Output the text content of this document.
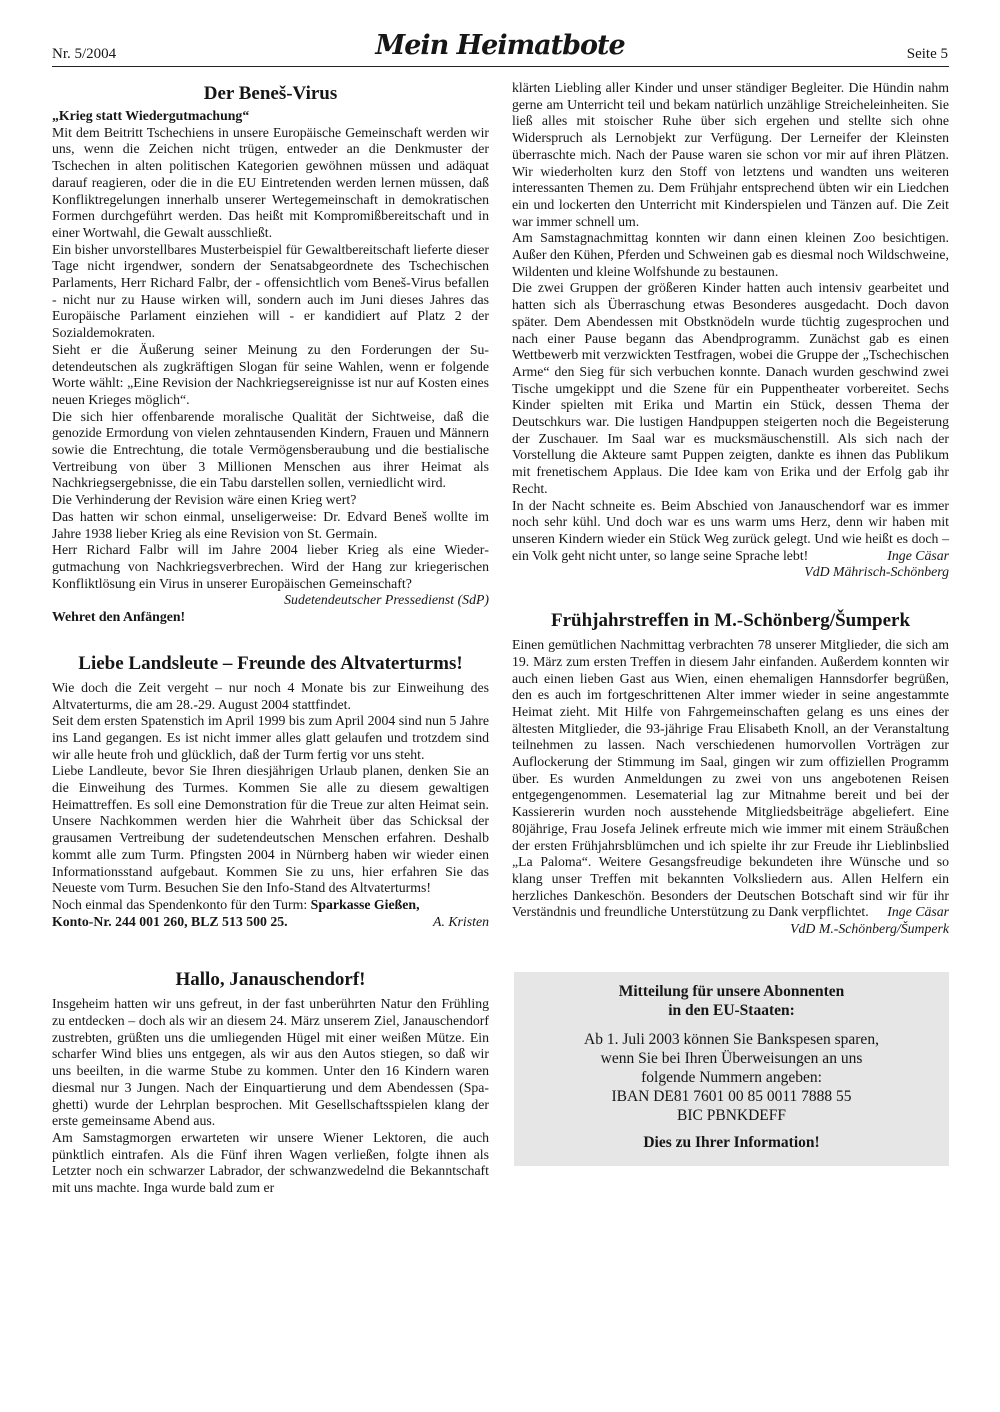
Nr. 5/2004	Mein Heimatbote	Seite 5
Der Beneš-Virus

„Krieg statt Wiedergutmachung“

Mit dem Beitritt Tschechiens in unsere Europäische Gemeinschaft werden wir uns, wenn die Zeichen nicht trügen, entweder an die Denkmuster der Tschechen in alten politischen Kategorien gewöhnen müssen und adäquat darauf reagieren, oder die in die EU Eintretenden werden lernen müssen, daß Konfliktregelungen innerhalb unserer Wertegemeinschaft in demokratischen Formen durchgeführt werden. Das heißt mit Kompromißbereitschaft und in einer Wortwahl, die Gewalt ausschließt.

Ein bisher unvorstellbares Musterbeispiel für Gewaltbereitschaft lieferte dieser Tage nicht irgendwer, sondern der Senatsabgeordnete des Tschechischen Parlaments, Herr Richard Falbr, der - offensichtlich vom Beneš-Virus befallen - nicht nur zu Hause wirken will, sondern auch im Juni dieses Jahres das Europäische Parlament einziehen will - er kandidiert auf Platz 2 der Sozialdemokraten.

Sieht er die Äußerung seiner Meinung zu den Forderungen der Sudetendeutschen als zugkräftigen Slogan für seine Wahlen, wenn er folgende Worte wählt: „Eine Revision der Nachkriegsereignisse ist nur auf Kosten eines neuen Krieges möglich“.

Die sich hier offenbarende moralische Qualität der Sichtweise, daß die genozide Ermordung von vielen zehntausenden Kindern, Frauen und Männern sowie die Entrechtung, die totale Vermögensberaubung und die bestialische Vertreibung von über 3 Millionen Menschen aus ihrer Heimat als Nachkriegsergebnisse, die ein Tabu darstellen sollen, verniedlicht wird.

Die Verhinderung der Revision wäre einen Krieg wert?

Das hatten wir schon einmal, unseligerweise: Dr. Edvard Beneš wollte im Jahre 1938 lieber Krieg als eine Revision von St. Germain.

Herr Richard Falbr will im Jahre 2004 lieber Krieg als eine Wiedergutmachung von Nachkriegsverbrechen. Wird der Hang zur kriegerischen Konfliktlösung ein Virus in unserer Europäischen Gemeinschaft?
Sudetendeutscher Pressedienst (SdP)

Wehret den Anfängen!

Liebe Landsleute – Freunde des Altvaterturms!

Wie doch die Zeit vergeht – nur noch 4 Monate bis zur Einweihung des Altvaterturms, die am 28.-29. August 2004 stattfindet.

Seit dem ersten Spatenstich im April 1999 bis zum April 2004 sind nun 5 Jahre ins Land gegangen. Es ist nicht immer alles glatt gelaufen und trotzdem sind wir alle heute froh und glücklich, daß der Turm fertig vor uns steht.

Liebe Landleute, bevor Sie Ihren diesjährigen Urlaub planen, denken Sie an die Einweihung des Turmes. Kommen Sie alle zu diesem gewaltigen Heimattreffen. Es soll eine Demonstration für die Treue zur alten Heimat sein. Unsere Nachkommen werden hier die Wahrheit über das Schicksal der grausamen Vertreibung der sudetendeutschen Menschen erfahren. Deshalb kommt alle zum Turm. Pfingsten 2004 in Nürnberg haben wir wieder einen Informationsstand aufgebaut. Kommen Sie zu uns, hier erfahren Sie das Neueste vom Turm. Besuchen Sie den Info-Stand des Altvaterturms!

Noch einmal das Spendenkonto für den Turm: Sparkasse Gießen,

Konto-Nr. 244 001 260, BLZ 513 500 25.	A. Kristen

Hallo, Janauschendorf!

Insgeheim hatten wir uns gefreut, in der fast unberührten Natur den Frühling zu entdecken – doch als wir an diesem 24. März unserem Ziel, Janauschendorf zustrebten, grüßten uns die umliegenden Hügel mit einer weißen Mütze. Ein scharfer Wind blies uns entgegen, als wir aus den Autos stiegen, so daß wir uns beeilten, in die warme Stube zu kommen. Unter den 16 Kindern waren diesmal nur 3 Jungen. Nach der Einquartierung und dem Abendessen (Spaghetti) wurde der Lehrplan besprochen. Mit Gesellschaftsspielen klang der erste gemeinsame Abend aus.

Am Samstagmorgen erwarteten wir unsere Wiener Lektoren, die auch pünktlich eintrafen. Als die Fünf ihren Wagen verließen, folgte ihnen als Letzter noch ein schwarzer Labrador, der schwanzwedelnd die Bekanntschaft mit uns machte. Inga wurde bald zum er

klärten Liebling aller Kinder und unser ständiger Begleiter. Die Hündin nahm gerne am Unterricht teil und bekam natürlich unzählige Streicheleinheiten. Sie ließ alles mit stoischer Ruhe über sich ergehen und stellte sich ohne Widerspruch als Lernobjekt zur Verfügung. Der Lerneifer der Kleinsten überraschte mich. Nach der Pause waren sie schon vor mir auf ihren Plätzen. Wir wiederholten kurz den Stoff von letztens und wandten uns weiteren interessanten Themen zu. Dem Frühjahr entsprechend übten wir ein Liedchen ein und lockerten den Unterricht mit Kinderspielen und Tänzen auf. Die Zeit war immer schnell um.

Am Samstagnachmittag konnten wir dann einen kleinen Zoo besichtigen. Außer den Kühen, Pferden und Schweinen gab es diesmal noch Wildschweine, Wildenten und kleine Wolfshunde zu bestaunen.

Die zwei Gruppen der größeren Kinder hatten auch intensiv gearbeitet und hatten sich als Überraschung etwas Besonderes ausgedacht. Doch davon später. Dem Abendessen mit Obstknödeln wurde tüchtig zugesprochen und nach einer Pause begann das Abendprogramm. Zunächst gab es einen Wettbewerb mit verzwickten Testfragen, wobei die Gruppe der „Tschechischen Arme“ den Sieg für sich verbuchen konnte. Danach wurden geschwind zwei Tische umgekippt und die Szene für ein Puppentheater vorbereitet. Sechs Kinder spielten mit Erika und Martin ein Stück, dessen Thema der Deutschkurs war. Die lustigen Handpuppen steigerten noch die Begeisterung der Zuschauer. Im Saal war es mucksmäuschenstill. Als sich nach der Vorstellung die Akteure samt Puppen zeigten, dankte es ihnen das Publikum mit frenetischem Applaus. Die Idee kam von Erika und der Erfolg gab ihr Recht.

In der Nacht schneite es. Beim Abschied von Janauschendorf war es immer noch sehr kühl. Und doch war es uns warm ums Herz, denn wir haben mit unseren Kindern wieder ein Stück Weg zurück gelegt. Und wie heißt es doch – ein Volk geht nicht unter, so lange seine Sprache lebt!	Inge Cäsar

VdD Mährisch-Schönberg

Frühjahrstreffen in M.-Schönberg/Šumperk

Einen gemütlichen Nachmittag verbrachten 78 unserer Mitglieder, die sich am 19. März zum ersten Treffen in diesem Jahr einfanden. Außerdem konnten wir auch einen lieben Gast aus Wien, einen ehemaligen Hannsdorfer begrüßen, den es auch im fortgeschrittenen Alter immer wieder in seine angestammte Heimat zieht. Mit Hilfe von Fahrgemeinschaften gelang es uns eines der ältesten Mitglieder, die 93-jährige Frau Elisabeth Knoll, an der Veranstaltung teilnehmen zu lassen. Nach verschiedenen humorvollen Vorträgen zur Auflockerung der Stimmung im Saal, gingen wir zum offiziellen Programm über. Es wurden Anmeldungen zu zwei von uns angebotenen Reisen entgegengenommen. Lesematerial lag zur Mitnahme bereit und bei der Kassiererin wurden noch ausstehende Mitgliedsbeiträge abgeliefert. Eine 80jährige, Frau Josefa Jelinek erfreute mich wie immer mit einem Sträußchen der ersten Frühjahrsblümchen und ich spielte ihr zur Freude ihr Lieblinbslied „La Paloma“. Weitere Gesangsfreudige bekundeten ihre Wünsche und so klang unser Treffen mit bekannten Volksliedern aus. Allen Helfern ein herzliches Dankeschön. Besonders der Deutschen Botschaft sind wir für ihr Verständnis und freundliche Unterstützung zu Dank verpflichtet.	Inge Cäsar

VdD M.-Schönberg/Šumperk

Mitteilung für unsere Abonnenten
in den EU-Staaten:
Ab 1. Juli 2003 können Sie Bankspesen sparen,
wenn Sie bei Ihren Überweisungen an uns
folgende Nummern angeben:
IBAN DE81 7601 00 85 0011 7888 55
BIC PBNKDEFF
Dies zu Ihrer Information!
